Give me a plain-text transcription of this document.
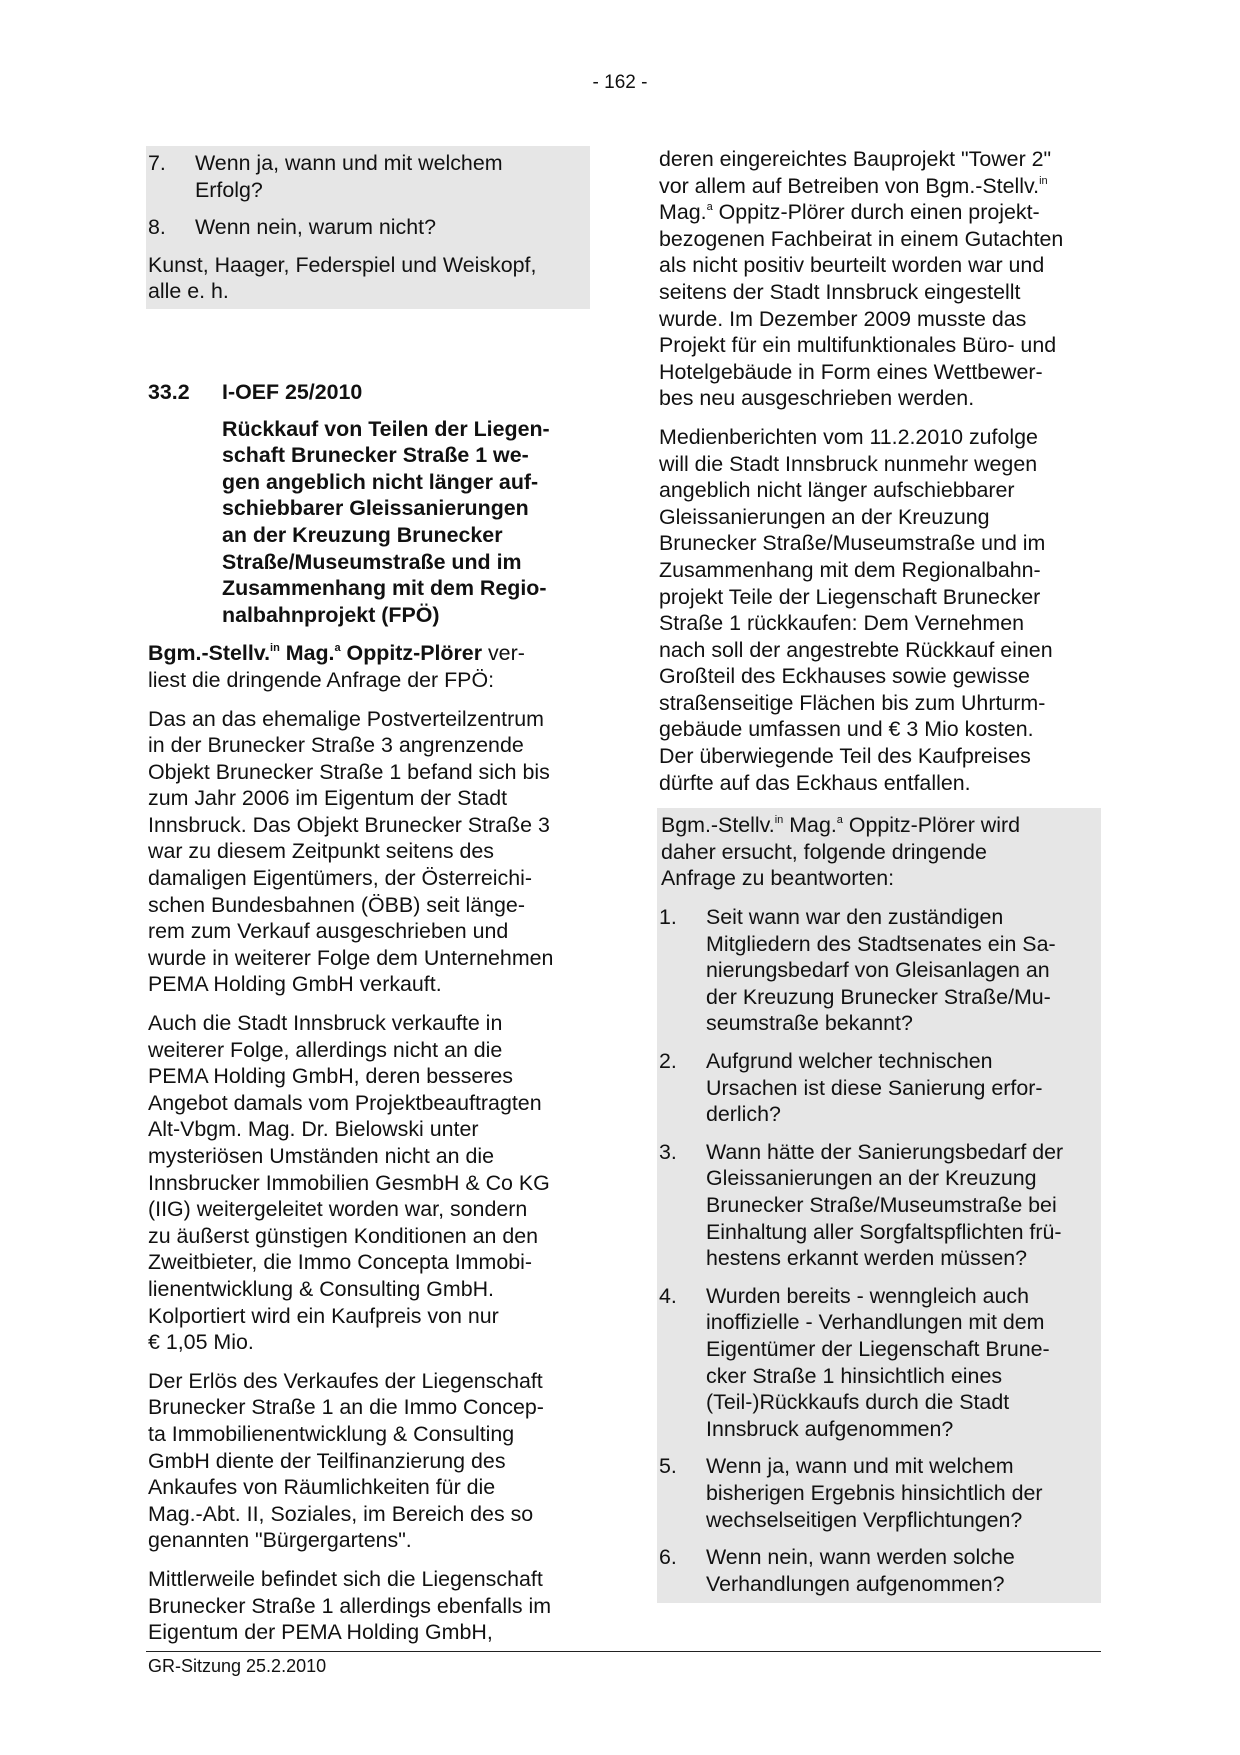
- 162 -
7.	Wenn ja, wann und mit welchem
Erfolg?
8.	Wenn nein, warum nicht?
Kunst, Haager, Federspiel und Weiskopf,
alle e. h.
33.2	I-OEF 25/2010
Rückkauf von Teilen der Liegen-
schaft Brunecker Straße 1 we-
gen angeblich nicht länger auf-
schiebbarer Gleissanierungen
an der Kreuzung Brunecker
Straße/Museumstraße und im
Zusammenhang mit dem Regio-
nalbahnprojekt (FPÖ)

Bgm.-Stellv.$^{in}$ Mag.$^a$ Oppitz-Plörer ver-
liest die dringende Anfrage der FPÖ:

Das an das ehemalige Postverteilzentrum
in der Brunecker Straße 3 angrenzende
Objekt Brunecker Straße 1 befand sich bis
zum Jahr 2006 im Eigentum der Stadt
Innsbruck. Das Objekt Brunecker Straße 3
war zu diesem Zeitpunkt seitens des
damaligen Eigentümers, der Österreichi-
schen Bundesbahnen (ÖBB) seit länge-
rem zum Verkauf ausgeschrieben und
wurde in weiterer Folge dem Unternehmen
PEMA Holding GmbH verkauft.

Auch die Stadt Innsbruck verkaufte in
weiterer Folge, allerdings nicht an die
PEMA Holding GmbH, deren besseres
Angebot damals vom Projektbeauftragten
Alt-Vbgm. Mag. Dr. Bielowski unter
mysteriösen Umständen nicht an die
Innsbrucker Immobilien GesmbH & Co KG
(IIG) weitergeleitet worden war, sondern
zu äußerst günstigen Konditionen an den
Zweitbieter, die Immo Concepta Immobi-
lienentwicklung & Consulting GmbH.
Kolportiert wird ein Kaufpreis von nur
€ 1,05 Mio.

Der Erlös des Verkaufes der Liegenschaft
Brunecker Straße 1 an die Immo Concep-
ta Immobilienentwicklung & Consulting
GmbH diente der Teilfinanzierung des
Ankaufes von Räumlichkeiten für die
Mag.-Abt. II, Soziales, im Bereich des so
genannten "Bürgergartens".

Mittlerweile befindet sich die Liegenschaft
Brunecker Straße 1 allerdings ebenfalls im
Eigentum der PEMA Holding GmbH,

deren eingereichtes Bauprojekt "Tower 2"
vor allem auf Betreiben von Bgm.-Stellv.$^{in}$
Mag.$^a$ Oppitz-Plörer durch einen projekt-
bezogenen Fachbeirat in einem Gutachten
als nicht positiv beurteilt worden war und
seitens der Stadt Innsbruck eingestellt
wurde. Im Dezember 2009 musste das
Projekt für ein multifunktionales Büro- und
Hotelgebäude in Form eines Wettbewer-
bes neu ausgeschrieben werden.

Medienberichten vom 11.2.2010 zufolge
will die Stadt Innsbruck nunmehr wegen
angeblich nicht länger aufschiebbarer
Gleissanierungen an der Kreuzung
Brunecker Straße/Museumstraße und im
Zusammenhang mit dem Regionalbahn-
projekt Teile der Liegenschaft Brunecker
Straße 1 rückkaufen: Dem Vernehmen
nach soll der angestrebte Rückkauf einen
Großteil des Eckhauses sowie gewisse
straßenseitige Flächen bis zum Uhrturm-
gebäude umfassen und € 3 Mio kosten.
Der überwiegende Teil des Kaufpreises
dürfte auf das Eckhaus entfallen.

Bgm.-Stellv.$^{in}$ Mag.$^a$ Oppitz-Plörer wird
daher ersucht, folgende dringende
Anfrage zu beantworten:

1.	Seit wann war den zuständigen
Mitgliedern des Stadtsenates ein Sa-
nierungsbedarf von Gleisanlagen an
der Kreuzung Brunecker Straße/Mu-
seumstraße bekannt?
2.	Aufgrund welcher technischen
Ursachen ist diese Sanierung erfor-
derlich?
3.	Wann hätte der Sanierungsbedarf der
Gleissanierungen an der Kreuzung
Brunecker Straße/Museumstraße bei
Einhaltung aller Sorgfaltspflichten frü-
hestens erkannt werden müssen?
4.	Wurden bereits - wenngleich auch
inoffizielle - Verhandlungen mit dem
Eigentümer der Liegenschaft Brune-
cker Straße 1 hinsichtlich eines
(Teil-)Rückkaufs durch die Stadt
Innsbruck aufgenommen?
5.	Wenn ja, wann und mit welchem
bisherigen Ergebnis hinsichtlich der
wechselseitigen Verpflichtungen?
6.	Wenn nein, wann werden solche
Verhandlungen aufgenommen?
GR-Sitzung 25.2.2010
